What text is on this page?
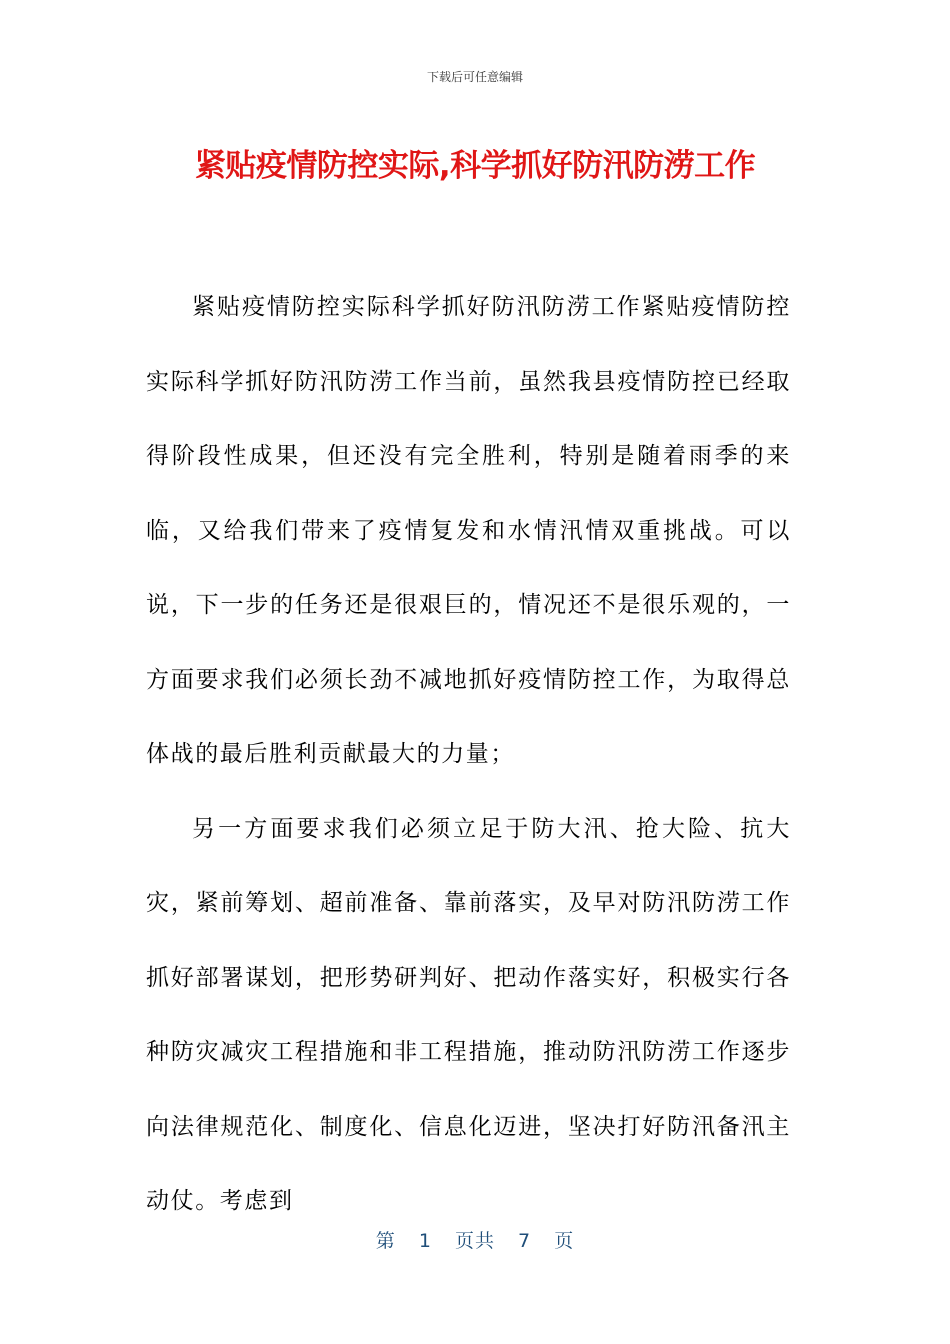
下载后可任意编辑
紧贴疫情防控实际,科学抓好防汛防涝工作

紧贴疫情防控实际科学抓好防汛防涝工作紧贴疫情防控实际科学抓好防汛防涝工作当前，虽然我县疫情防控已经取得阶段性成果，但还没有完全胜利，特别是随着雨季的来临，又给我们带来了疫情复发和水情汛情双重挑战。可以说，下一步的任务还是很艰巨的，情况还不是很乐观的，一方面要求我们必须长劲不减地抓好疫情防控工作，为取得总体战的最后胜利贡献最大的力量；

另一方面要求我们必须立足于防大汛、抢大险、抗大灾，紧前筹划、超前准备、靠前落实，及早对防汛防涝工作抓好部署谋划，把形势研判好、把动作落实好，积极实行各种防灾减灾工程措施和非工程措施，推动防汛防涝工作逐步向法律规范化、制度化、信息化迈进，坚决打好防汛备汛主动仗。考虑到

第 1 页共 7 页
